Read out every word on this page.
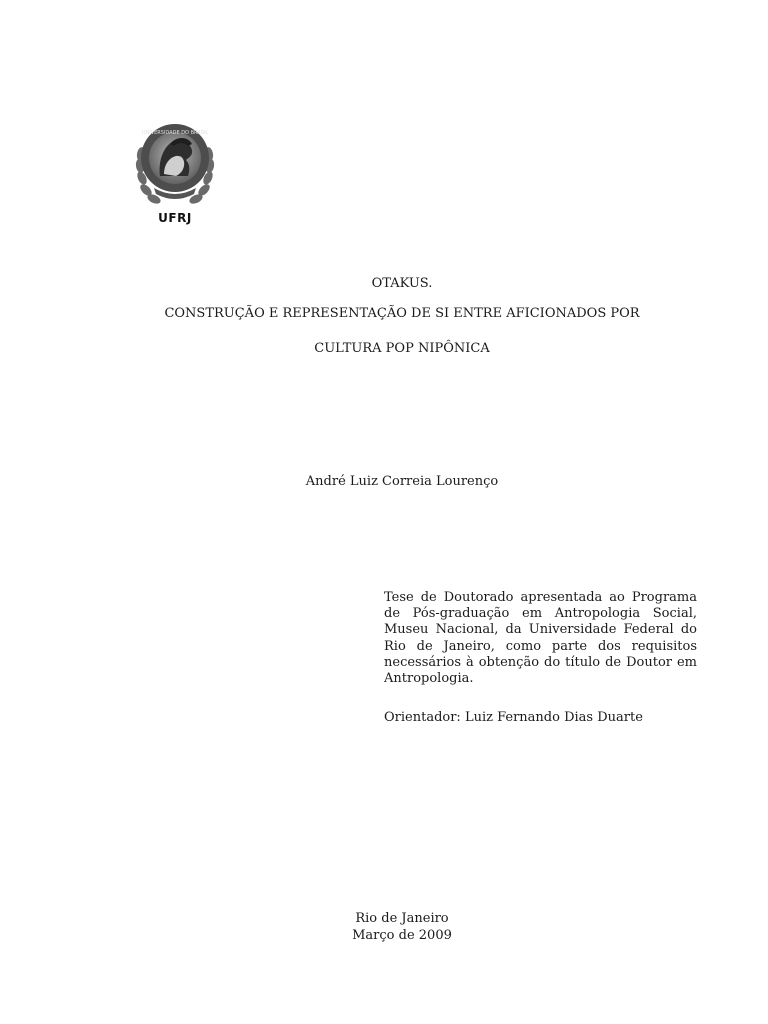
UNIVERSIDADE DO BRASIL
UFRJ
OTAKUS.
CONSTRUÇÃO E REPRESENTAÇÃO DE SI ENTRE AFICIONADOS POR
CULTURA POP NIPÔNICA
André Luiz Correia Lourenço
Tese de Doutorado apresentada ao Programa de Pós-graduação em Antropologia Social, Museu Nacional, da Universidade Federal do Rio de Janeiro, como parte dos requisitos necessários à obtenção do título de Doutor em Antropologia.
Orientador: Luiz Fernando Dias Duarte
Rio de Janeiro
Março de 2009
